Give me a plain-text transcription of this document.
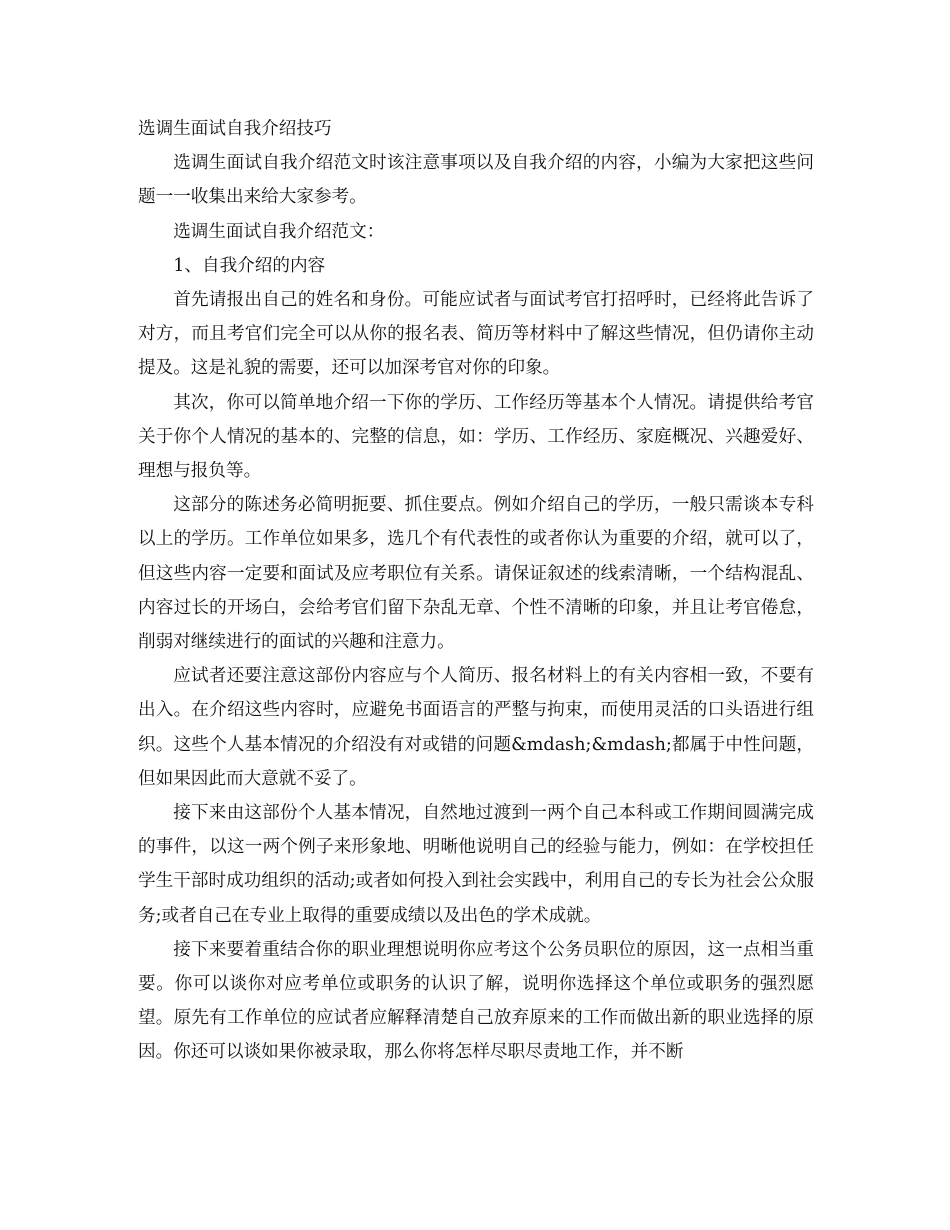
选调生面试自我介绍技巧

选调生面试自我介绍范文时该注意事项以及自我介绍的内容，小编为大家把这些问题一一收集出来给大家参考。

选调生面试自我介绍范文：

1、自我介绍的内容

首先请报出自己的姓名和身份。可能应试者与面试考官打招呼时，已经将此告诉了对方，而且考官们完全可以从你的报名表、简历等材料中了解这些情况，但仍请你主动提及。这是礼貌的需要，还可以加深考官对你的印象。

其次，你可以简单地介绍一下你的学历、工作经历等基本个人情况。请提供给考官关于你个人情况的基本的、完整的信息，如：学历、工作经历、家庭概况、兴趣爱好、理想与报负等。

这部分的陈述务必简明扼要、抓住要点。例如介绍自己的学历，一般只需谈本专科以上的学历。工作单位如果多，选几个有代表性的或者你认为重要的介绍，就可以了，但这些内容一定要和面试及应考职位有关系。请保证叙述的线索清晰，一个结构混乱、内容过长的开场白，会给考官们留下杂乱无章、个性不清晰的印象，并且让考官倦怠，削弱对继续进行的面试的兴趣和注意力。

应试者还要注意这部份内容应与个人简历、报名材料上的有关内容相一致，不要有出入。在介绍这些内容时，应避免书面语言的严整与拘束，而使用灵活的口头语进行组织。这些个人基本情况的介绍没有对或错的问题&mdash;&mdash;都属于中性问题，但如果因此而大意就不妥了。

接下来由这部份个人基本情况，自然地过渡到一两个自己本科或工作期间圆满完成的事件，以这一两个例子来形象地、明晰他说明自己的经验与能力，例如：在学校担任学生干部时成功组织的活动;或者如何投入到社会实践中，利用自己的专长为社会公众服务;或者自己在专业上取得的重要成绩以及出色的学术成就。

接下来要着重结合你的职业理想说明你应考这个公务员职位的原因，这一点相当重要。你可以谈你对应考单位或职务的认识了解，说明你选择这个单位或职务的强烈愿望。原先有工作单位的应试者应解释清楚自己放弃原来的工作而做出新的职业选择的原因。你还可以谈如果你被录取，那么你将怎样尽职尽责地工作，并不断
